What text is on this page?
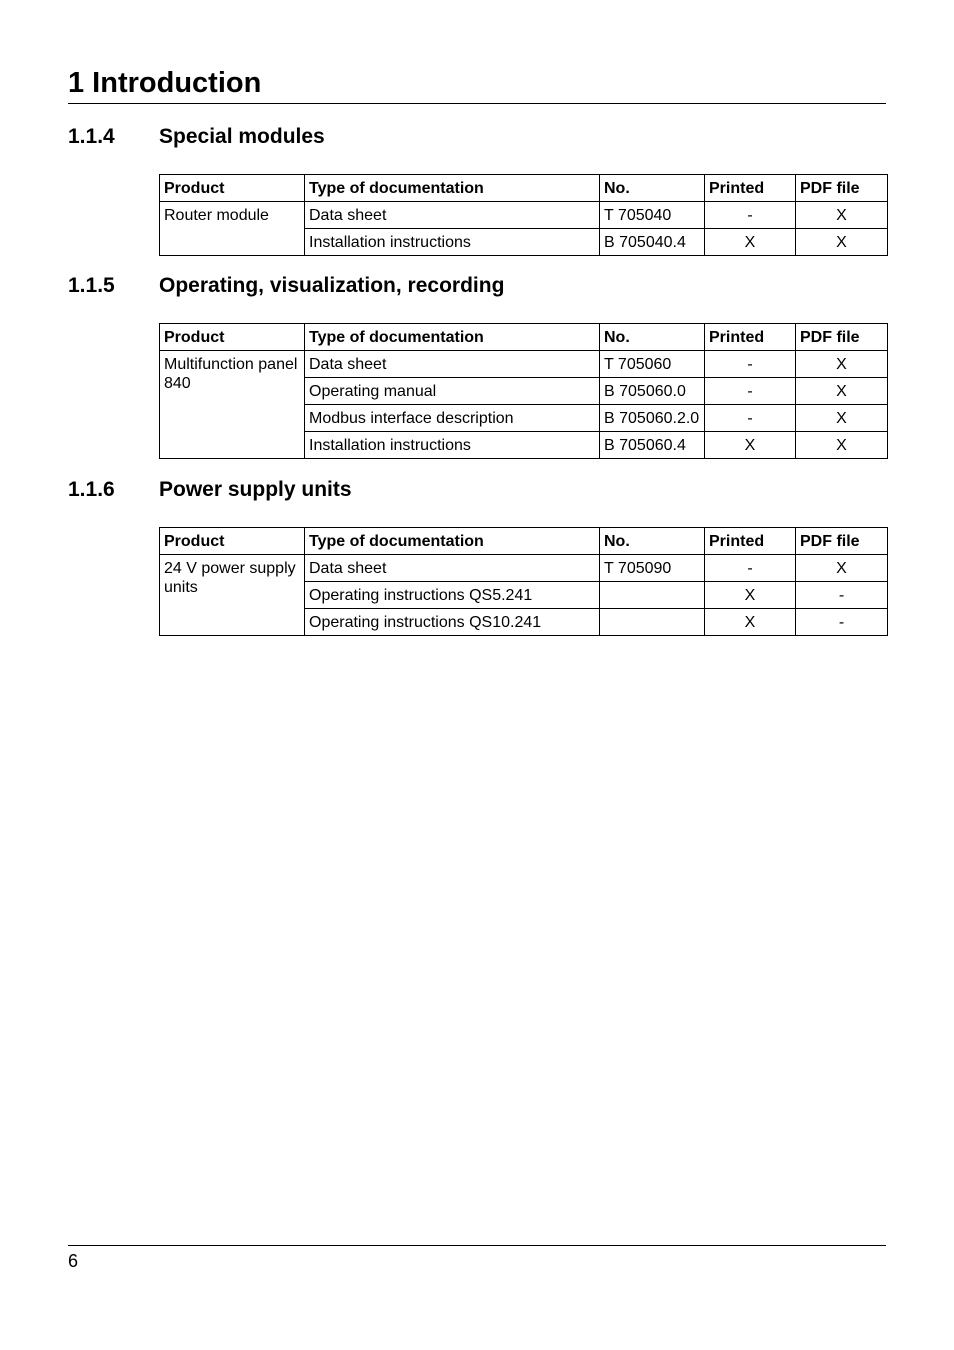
1 Introduction
1.1.4 Special modules
Product	Type of documentation	No.	Printed	PDF file
Router module	Data sheet	T 705040	-	X
	Installation instructions	B 705040.4	X	X
1.1.5 Operating, visualization, recording
Product	Type of documentation	No.	Printed	PDF file
Multifunction panel 840	Data sheet	T 705060	-	X
	Operating manual	B 705060.0	-	X
	Modbus interface description	B 705060.2.0	-	X
	Installation instructions	B 705060.4	X	X
1.1.6 Power supply units
Product	Type of documentation	No.	Printed	PDF file
24 V power supply units	Data sheet	T 705090	-	X
	Operating instructions QS5.241		X	-
	Operating instructions QS10.241		X	-
6
